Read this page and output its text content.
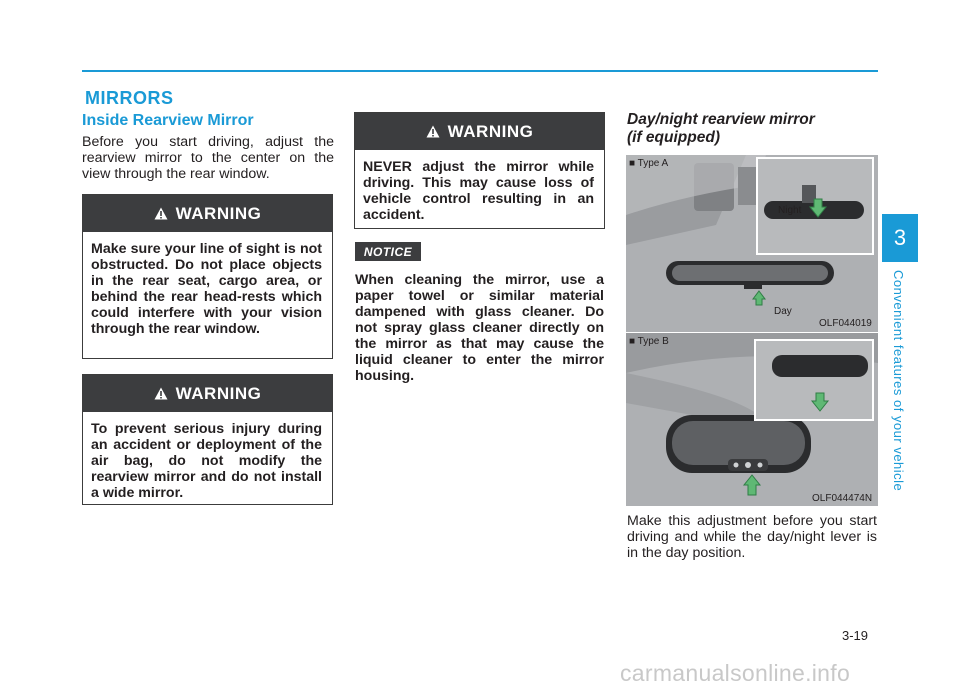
MIRRORS
Inside Rearview Mirror

Before you start driving, adjust the rearview mirror to the center on the view through the rear window.

WARNING
Make sure your line of sight is not obstructed. Do not place objects in the rear seat, cargo area, or behind the rear head-rests which could interfere with your vision through the rear window.
WARNING
To prevent serious injury during an accident or deployment of the air bag, do not modify the rearview mirror and do not install a wide mirror.
WARNING
NEVER adjust the mirror while driving. This may cause loss of vehicle control resulting in an accident.
NOTICE

When cleaning the mirror, use a paper towel or similar material dampened with glass cleaner. Do not spray glass cleaner directly on the mirror as that may cause the liquid cleaner to enter the mirror housing.

Day/night rearview mirror
(if equipped)
■ Type A
Night
Day
OLF044019
■ Type B
OLF044474N

Make this adjustment before you start driving and while the day/night lever is in the day position.

3
Convenient features of your vehicle
3-19
carmanualsonline.info
